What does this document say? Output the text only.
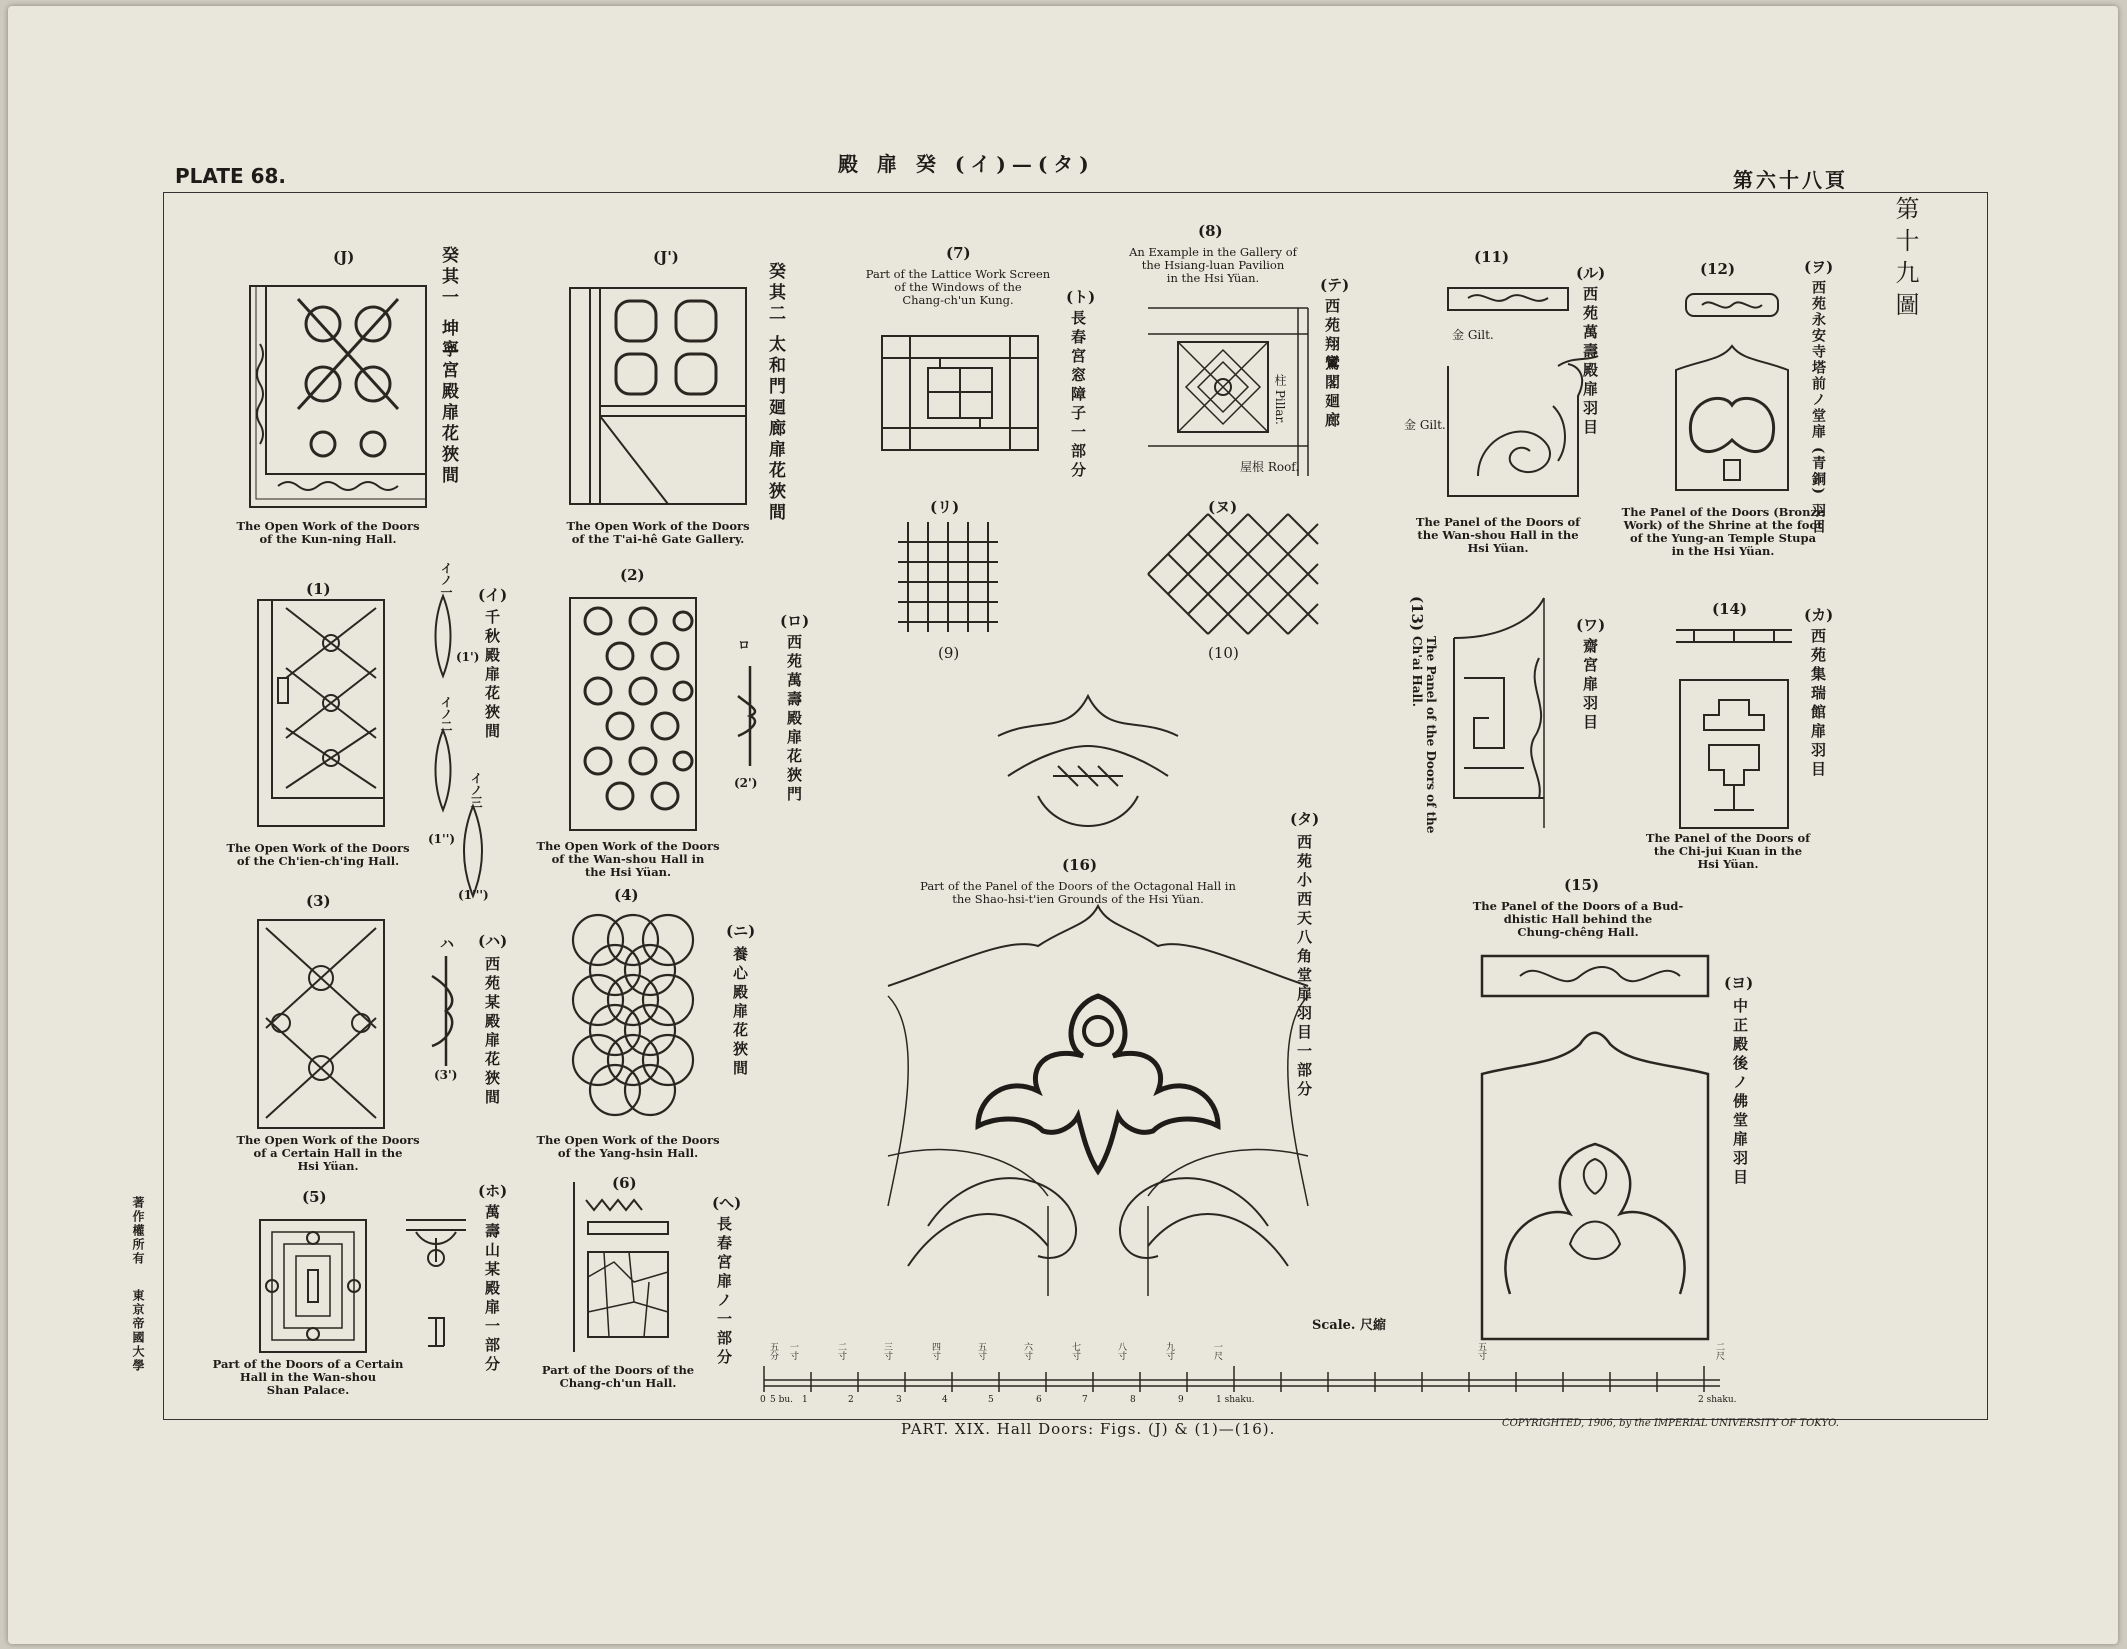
PLATE 68.	殿 扉 癸 (イ)—(タ)
第六十八頁
第十九圖
著作權所有
東京帝國大學
(J)	癸其一 坤寧宮殿扉花狹間
The Open Work of the Doors
of the Kun-ning Hall.
(1)
The Open Work of the Doors
of the Ch'ien-ch'ing Hall.
イノ一
(1')
イノ二
(1'')
イノ三
(1''')
(イ)
千秋殿扉花狹間
(3)
The Open Work of the Doors
of a Certain Hall in the
Hsi Yüan.
ハ
(3')
(ハ)
西苑某殿扉花狹間
(5)
Part of the Doors of a Certain
Hall in the Wan-shou
Shan Palace.
(ホ)
萬壽山某殿扉一部分
(J')
癸其二 太和門廻廊扉花狹間
The Open Work of the Doors
of the T'ai-hê Gate Gallery.
(2)
The Open Work of the Doors
of the Wan-shou Hall in
the Hsi Yüan.
ロ
(2')
(ロ)
西苑萬壽殿扉花狹門
(4)
The Open Work of the Doors
of the Yang-hsin Hall.
(ニ)
養心殿扉花狹間
(6)
Part of the Doors of the
Chang-ch'un Hall.
(へ)
長春宮扉ノ一部分
(7)
Part of the Lattice Work Screen
of the Windows of the
Chang-ch'un Kung.	(ト)
長春宮窓障子一部分
(リ)
(9)
(8)
An Example in the Gallery of
the Hsiang-luan Pavilion
in the Hsi Yüan.
柱 Pillar.
屋根 Roof.
(テ)
西苑翔鸞閣廻廊
(ヌ)
(10)
(16)
Part of the Panel of the Doors of the Octagonal Hall in
the Shao-hsi-t'ien Grounds of the Hsi Yüan.
(タ)
西苑小西天八角堂扉羽目一部分
(11)
金 Gilt.
金 Gilt.
The Panel of the Doors of
the Wan-shou Hall in the
Hsi Yüan.
(ル)
西苑萬壽殿扉羽目
(13)
The Panel of the Doors of the
Ch'ai Hall.
(ワ)
齋宮扉羽目
(15)
The Panel of the Doors of a Bud-
dhistic Hall behind the
Chung-chêng Hall.
(12)
The Panel of the Doors (Bronze
Work) of the Shrine at the foot
of the Yung-an Temple Stupa
in the Hsi Yüan.
(ヲ)
西苑永安寺塔前ノ堂扉 (青銅) 羽目
(14)
The Panel of the Doors of
the Chi-jui Kuan in the
Hsi Yüan.
(カ)
西苑集瑞館扉羽目
(ヨ)
中正殿後ノ佛堂扉羽目
Scale. 尺縮
PART. XIX. Hall Doors: Figs. (J) & (1)—(16).	COPYRIGHTED, 1906, by the IMPERIAL UNIVERSITY OF TOKYO.
五分 一寸	二寸	三寸	四寸	五寸	六寸	七寸	八寸	九寸	一尺	五寸	二尺
0 5 bu. 1	2	3	4	5	6	7	8	9	1 shaku.	2 shaku.
